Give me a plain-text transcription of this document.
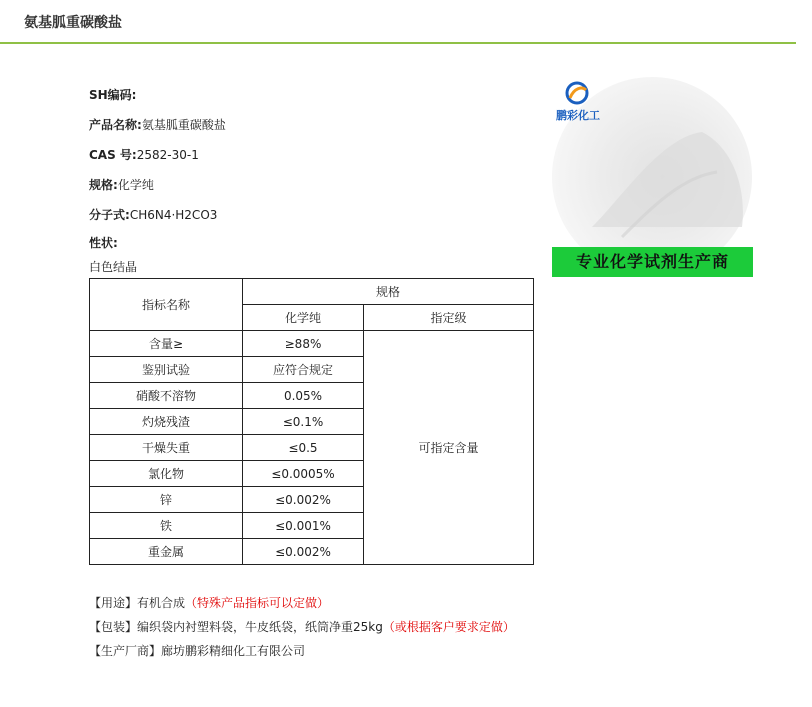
氨基胍重碳酸盐
SH编码:
产品名称:氨基胍重碳酸盐
CAS 号:2582-30-1
规格:化学纯
分子式:CH6N4·H2CO3
性状:
白色结晶
指标名称	规格	
	化学纯	指定级
含量≥	≥88%	可指定含量
鉴别试验	应符合规定	
硝酸不溶物	0.05%	
灼烧残渣	≤0.1%	
干燥失重	≤0.5	
氯化物	≤0.0005%	
锌	≤0.002%	
铁	≤0.001%	
重金属	≤0.002%	
【用途】有机合成（特殊产品指标可以定做）
【包装】编织袋内衬塑料袋，牛皮纸袋，纸筒净重25kg（或根据客户要求定做）
【生产厂商】廊坊鹏彩精细化工有限公司
鹏彩化工
专业化学试剂生产商
